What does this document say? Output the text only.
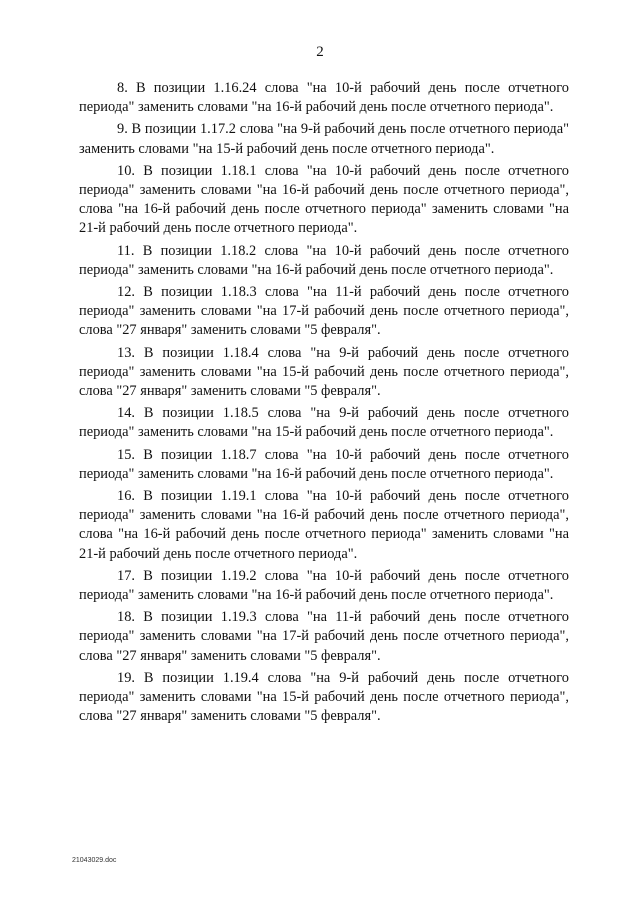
2

8. В позиции 1.16.24 слова "на 10-й рабочий день после отчетного периода" заменить словами "на 16-й рабочий день после отчетного периода".

9. В позиции 1.17.2 слова "на 9-й рабочий день после отчетного периода" заменить словами "на 15-й рабочий день после отчетного периода".

10. В позиции 1.18.1 слова "на 10-й рабочий день после отчетного периода" заменить словами "на 16-й рабочий день после отчетного периода", слова "на 16-й рабочий день после отчетного периода" заменить словами "на 21-й рабочий день после отчетного периода".

11. В позиции 1.18.2 слова "на 10-й рабочий день после отчетного периода" заменить словами "на 16-й рабочий день после отчетного периода".

12. В позиции 1.18.3 слова "на 11-й рабочий день после отчетного периода" заменить словами "на 17-й рабочий день после отчетного периода", слова "27 января" заменить словами "5 февраля".

13. В позиции 1.18.4 слова "на 9-й рабочий день после отчетного периода" заменить словами "на 15-й рабочий день после отчетного периода", слова "27 января" заменить словами "5 февраля".

14. В позиции 1.18.5 слова "на 9-й рабочий день после отчетного периода" заменить словами "на 15-й рабочий день после отчетного периода".

15. В позиции 1.18.7 слова "на 10-й рабочий день после отчетного периода" заменить словами "на 16-й рабочий день после отчетного периода".

16. В позиции 1.19.1 слова "на 10-й рабочий день после отчетного периода" заменить словами "на 16-й рабочий день после отчетного периода", слова "на 16-й рабочий день после отчетного периода" заменить словами "на 21-й рабочий день после отчетного периода".

17. В позиции 1.19.2 слова "на 10-й рабочий день после отчетного периода" заменить словами "на 16-й рабочий день после отчетного периода".

18. В позиции 1.19.3 слова "на 11-й рабочий день после отчетного периода" заменить словами "на 17-й рабочий день после отчетного периода", слова "27 января" заменить словами "5 февраля".

19. В позиции 1.19.4 слова "на 9-й рабочий день после отчетного периода" заменить словами "на 15-й рабочий день после отчетного периода", слова "27 января" заменить словами "5 февраля".

21043029.doc
